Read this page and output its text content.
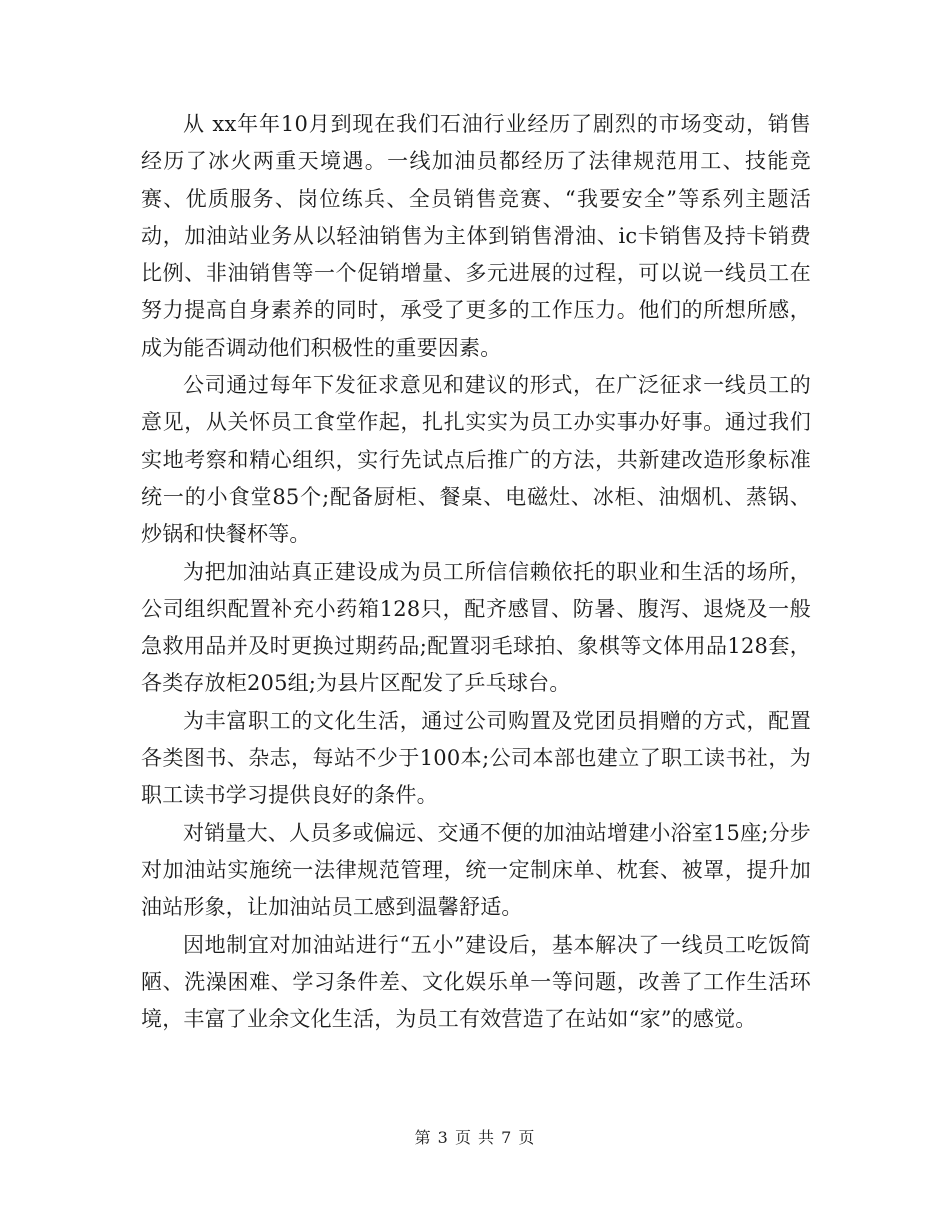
从 xx年年10月到现在我们石油行业经历了剧烈的市场变动，销售经历了冰火两重天境遇。一线加油员都经历了法律规范用工、技能竞赛、优质服务、岗位练兵、全员销售竞赛、“我要安全”等系列主题活动，加油站业务从以轻油销售为主体到销售滑油、ic卡销售及持卡销费比例、非油销售等一个促销增量、多元进展的过程，可以说一线员工在努力提高自身素养的同时，承受了更多的工作压力。他们的所想所感，成为能否调动他们积极性的重要因素。

公司通过每年下发征求意见和建议的形式，在广泛征求一线员工的意见，从关怀员工食堂作起，扎扎实实为员工办实事办好事。通过我们实地考察和精心组织，实行先试点后推广的方法，共新建改造形象标准统一的小食堂85个;配备厨柜、餐桌、电磁灶、冰柜、油烟机、蒸锅、炒锅和快餐杯等。

为把加油站真正建设成为员工所信信赖依托的职业和生活的场所，公司组织配置补充小药箱128只，配齐感冒、防暑、腹泻、退烧及一般急救用品并及时更换过期药品;配置羽毛球拍、象棋等文体用品128套，各类存放柜205组;为县片区配发了乒乓球台。

为丰富职工的文化生活，通过公司购置及党团员捐赠的方式，配置各类图书、杂志，每站不少于100本;公司本部也建立了职工读书社，为职工读书学习提供良好的条件。

对销量大、人员多或偏远、交通不便的加油站增建小浴室15座;分步对加油站实施统一法律规范管理，统一定制床单、枕套、被罩，提升加油站形象，让加油站员工感到温馨舒适。

因地制宜对加油站进行“五小”建设后，基本解决了一线员工吃饭简陋、洗澡困难、学习条件差、文化娱乐单一等问题，改善了工作生活环境，丰富了业余文化生活，为员工有效营造了在站如“家”的感觉。

第 3 页 共 7 页
